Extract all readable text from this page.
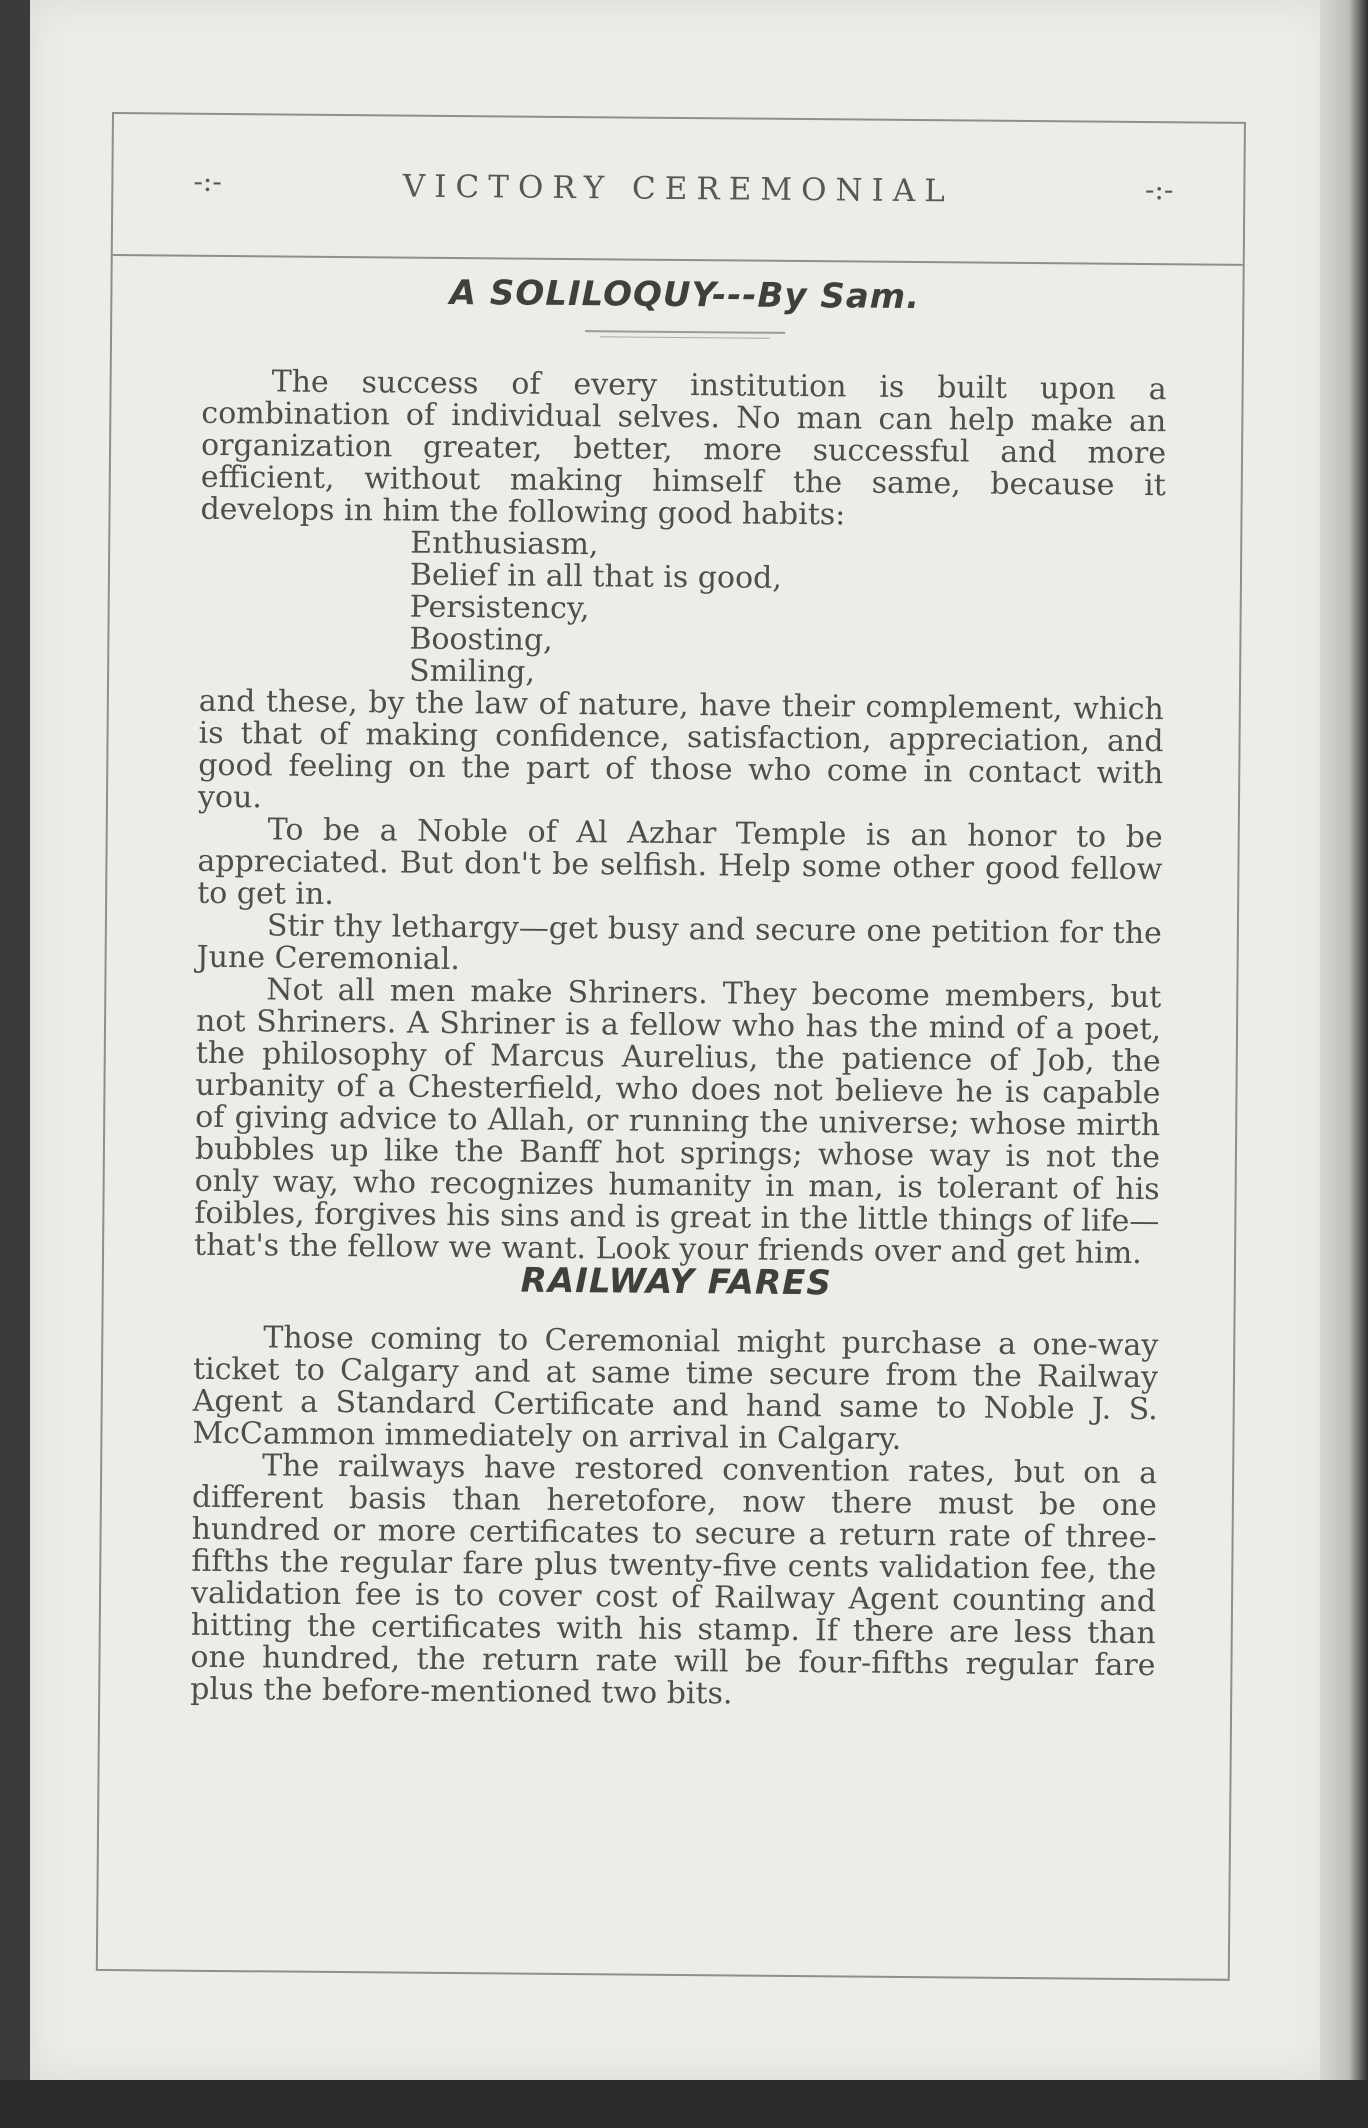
-:-	VICTORY CEREMONIAL	-:-
A SOLILOQUY---By Sam.

The success of every institution is built upon a combination of individual selves. No man can help make an organization greater, better, more successful and more efficient, without making himself the same, because it develops in him the following good habits:

Enthusiasm,
Belief in all that is good,
Persistency,
Boosting,
Smiling,

and these, by the law of nature, have their complement, which is that of making confidence, satisfaction, appreciation, and good feeling on the part of those who come in contact with you.

To be a Noble of Al Azhar Temple is an honor to be appreciated. But don't be selfish. Help some other good fellow to get in.

Stir thy lethargy—get busy and secure one petition for the June Ceremonial.

Not all men make Shriners. They become members, but not Shriners. A Shriner is a fellow who has the mind of a poet, the philosophy of Marcus Aurelius, the patience of Job, the urbanity of a Chesterfield, who does not believe he is capable of giving advice to Allah, or running the universe; whose mirth bubbles up like the Banff hot springs; whose way is not the only way, who recognizes humanity in man, is tolerant of his foibles, forgives his sins and is great in the little things of life—that's the fellow we want. Look your friends over and get him.

RAILWAY FARES

Those coming to Ceremonial might purchase a one-way ticket to Calgary and at same time secure from the Railway Agent a Standard Certificate and hand same to Noble J. S. McCammon immediately on arrival in Calgary.

The railways have restored convention rates, but on a different basis than heretofore, now there must be one hundred or more certificates to secure a return rate of three-fifths the regular fare plus twenty-five cents validation fee, the validation fee is to cover cost of Railway Agent counting and hitting the certificates with his stamp. If there are less than one hundred, the return rate will be four-fifths regular fare plus the before-mentioned two bits.
